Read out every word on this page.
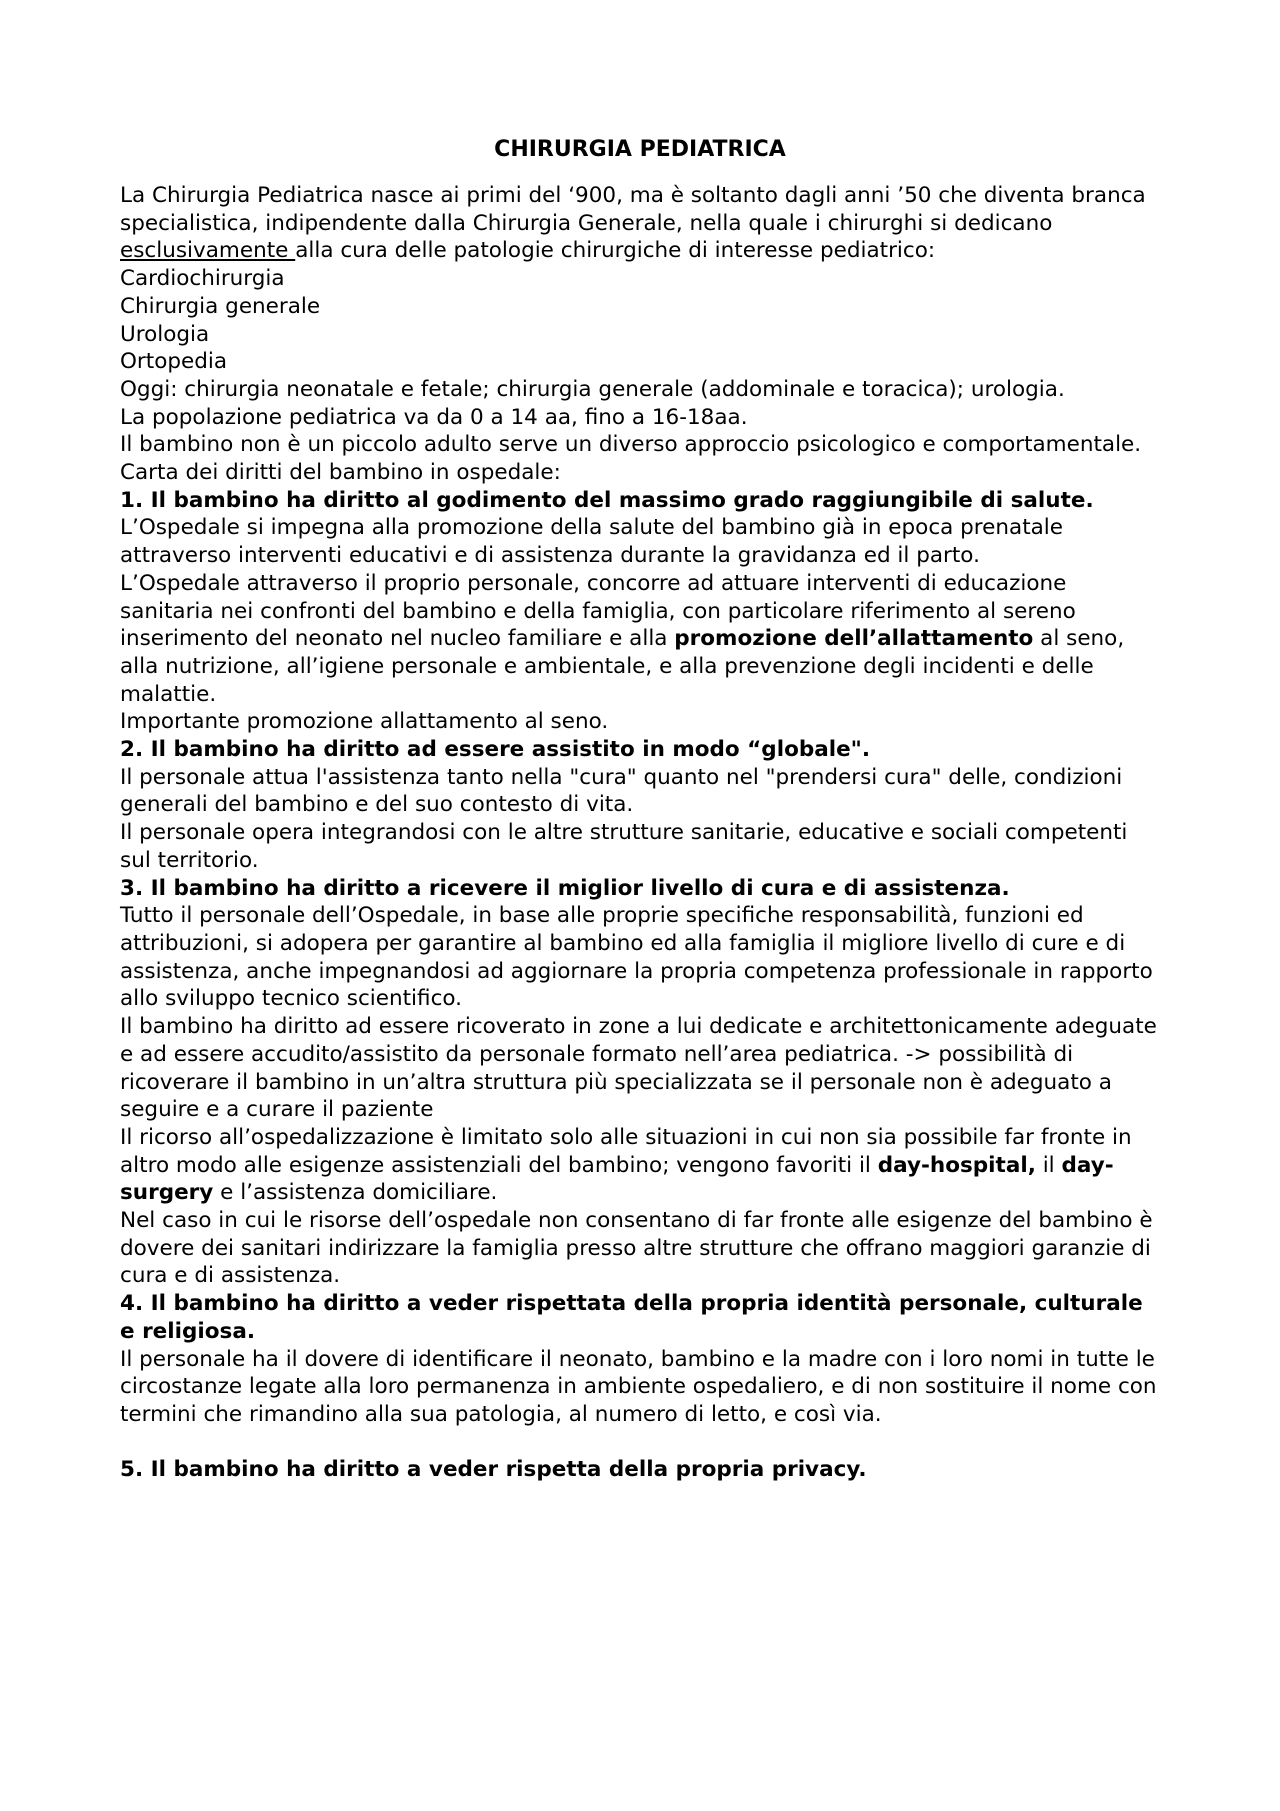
CHIRURGIA PEDIATRICA

La Chirurgia Pediatrica nasce ai primi del ‘900, ma è soltanto dagli anni ’50 che diventa branca specialistica, indipendente dalla Chirurgia Generale, nella quale i chirurghi si dedicano esclusivamente alla cura delle patologie chirurgiche di interesse pediatrico:

Cardiochirurgia

Chirurgia generale

Urologia

Ortopedia

Oggi: chirurgia neonatale e fetale; chirurgia generale (addominale e toracica); urologia.

La popolazione pediatrica va da 0 a 14 aa, fino a 16-18aa.

Il bambino non è un piccolo adulto serve un diverso approccio psicologico e comportamentale.

Carta dei diritti del bambino in ospedale:

1. Il bambino ha diritto al godimento del massimo grado raggiungibile di salute.

L’Ospedale si impegna alla promozione della salute del bambino già in epoca prenatale attraverso interventi educativi e di assistenza durante la gravidanza ed il parto.

L’Ospedale attraverso il proprio personale, concorre ad attuare interventi di educazione sanitaria nei confronti del bambino e della famiglia, con particolare riferimento al sereno inserimento del neonato nel nucleo familiare e alla promozione dell’allattamento al seno, alla nutrizione, all’igiene personale e ambientale, e alla prevenzione degli incidenti e delle malattie.

Importante promozione allattamento al seno.

2. Il bambino ha diritto ad essere assistito in modo “globale".

Il personale attua l'assistenza tanto nella "cura" quanto nel "prendersi cura" delle, condizioni generali del bambino e del suo contesto di vita.

Il personale opera integrandosi con le altre strutture sanitarie, educative e sociali competenti sul territorio.

3. Il bambino ha diritto a ricevere il miglior livello di cura e di assistenza.

Tutto il personale dell’Ospedale, in base alle proprie specifiche responsabilità, funzioni ed attribuzioni, si adopera per garantire al bambino ed alla famiglia il migliore livello di cure e di assistenza, anche impegnandosi ad aggiornare la propria competenza professionale in rapporto allo sviluppo tecnico scientifico.

Il bambino ha diritto ad essere ricoverato in zone a lui dedicate e architettonicamente adeguate e ad essere accudito/assistito da personale formato nell’area pediatrica. -> possibilità di ricoverare il bambino in un’altra struttura più specializzata se il personale non è adeguato a seguire e a curare il paziente

Il ricorso all’ospedalizzazione è limitato solo alle situazioni in cui non sia possibile far fronte in altro modo alle esigenze assistenziali del bambino; vengono favoriti il day-hospital, il day-surgery e l’assistenza domiciliare.

Nel caso in cui le risorse dell’ospedale non consentano di far fronte alle esigenze del bambino è dovere dei sanitari indirizzare la famiglia presso altre strutture che offrano maggiori garanzie di cura e di assistenza.

4. Il bambino ha diritto a veder rispettata della propria identità personale, culturale e religiosa.

Il personale ha il dovere di identificare il neonato, bambino e la madre con i loro nomi in tutte le circostanze legate alla loro permanenza in ambiente ospedaliero, e di non sostituire il nome con termini che rimandino alla sua patologia, al numero di letto, e così via.

5. Il bambino ha diritto a veder rispetta della propria privacy.
